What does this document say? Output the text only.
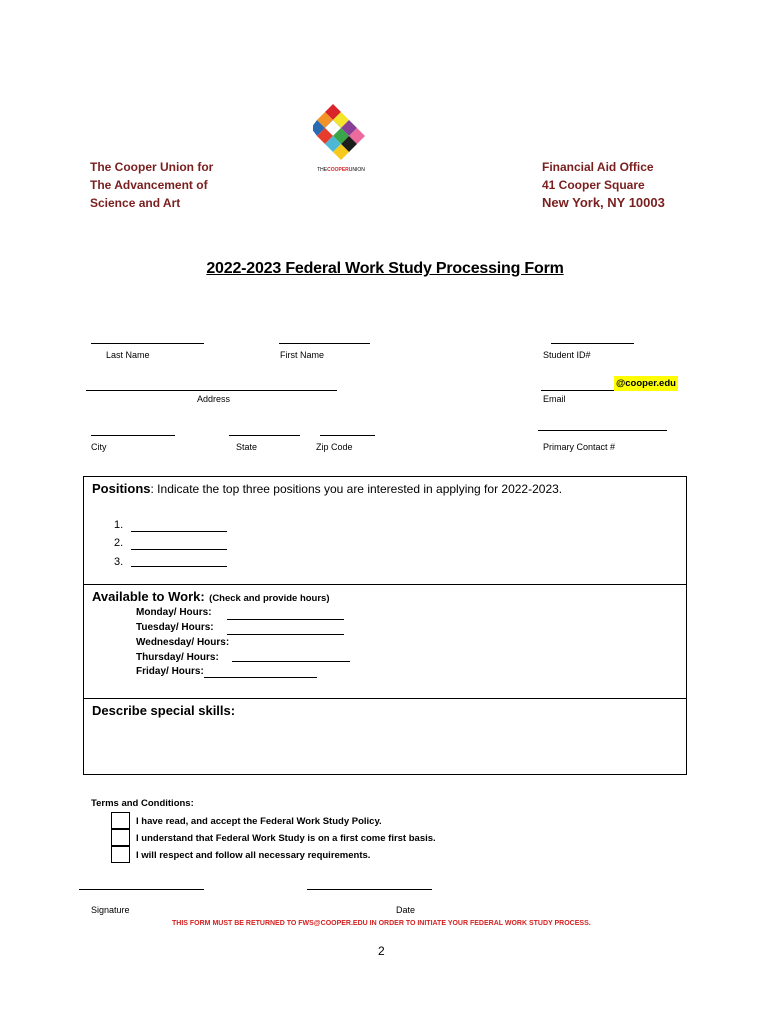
THECOOPERUNION
The Cooper Union for
The Advancement of
Science and Art
Financial Aid Office
41 Cooper Square
New York, NY 10003
2022-2023 Federal Work Study Processing Form
Last Name	First Name	Student ID#
@cooper.edu
Address	Email
City	State	Zip Code	Primary Contact #
Positions: Indicate the top three positions you are interested in applying for 2022-2023.
1.
2.
3.
Available to Work: (Check and provide hours)
Monday/ Hours:
Tuesday/ Hours:
Wednesday/ Hours:
Thursday/ Hours:
Friday/ Hours:
Describe special skills:
Terms and Conditions:
I have read, and accept the Federal Work Study Policy.
I understand that Federal Work Study is on a first come first basis.
I will respect and follow all necessary requirements.
Signature	Date
THIS FORM MUST BE RETURNED TO FWS@COOPER.EDU IN ORDER TO INITIATE YOUR FEDERAL WORK STUDY PROCESS.
2
